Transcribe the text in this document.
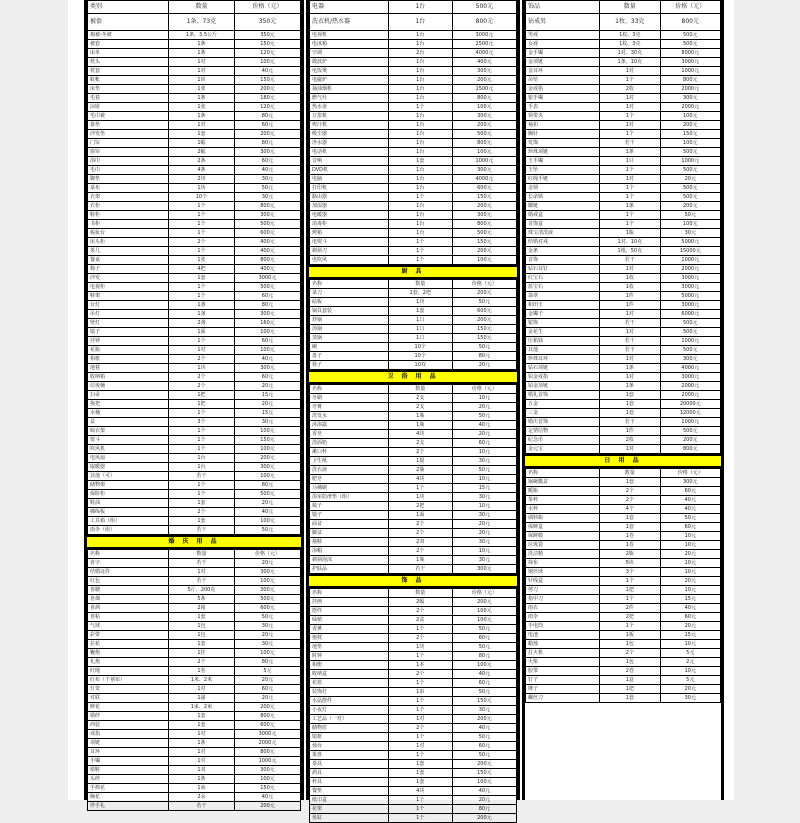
类别	数量	价格（元）
被套	1条、73克	350元
棉被-冬被	1条、3.5公斤	350元
被套	1条	150元
床单	1条	120元
枕头	1对	100元
枕套	1对	40元
蚊帐	1顶	150元
床垫	1张	200元
毛毯	1条	180元
凉席	1张	120元
毛巾被	1条	80元
靠垫	1对	60元
沙发垫	1套	200元
门帘	1幅	80元
窗帘	2幅	300元
浴巾	2条	60元
毛巾	4条	40元
脚垫	2块	30元
桌布	1块	50元
衣架	10个	30元
衣柜	1个	800元
鞋柜	1个	300元
书柜	1个	500元
梳妆台	1个	600元
床头柜	2个	400元
茶几	1个	400元
餐桌	1张	800元
椅子	4把	400元
沙发	1套	3000元
电视柜	1个	500元
鞋架	1个	60元
台灯	1盏	80元
吊灯	1盏	300元
壁灯	2盏	160元
镜子	1面	100元
挂钟	1个	60元
花瓶	1对	100元
相框	2个	40元
地毯	1块	300元
收纳箱	2个	60元
垃圾桶	2个	20元
扫帚	1把	15元
拖把	1把	20元
水桶	1个	15元
盆	3个	30元
晾衣架	1个	100元
熨斗	1个	150元
吹风机	1个	100元
电风扇	1台	200元
取暖器	1台	300元
其他（可）	若干	100元
储物架	1个	80元
保险柜	1个	500元
鞋油	1套	20元
插线板	2个	40元
工具箱（组）	1套	100元
雨伞（组）	若干	50元
婚 庆 用 品
名称	数量	价格（元）
喜字	若干	20元
结婚证件	1对	300元
红包	若干	100元
喜糖	5斤、200克	300元
喜烟	5条	500元
喜酒	2箱	600元
喜帖	1套	50元
气球	1包	30元
彩带	1包	20元
拉花	1套	30元
鞭炮	1挂	100元
礼炮	2个	80元
红绳	1卷	5元
红布（千禧布）	1米、2米	20元
灯笼	1对	60元
对联	1副	20元
鲜花	1束、2束	200元
婚纱	1套	800元
西装	1套	600元
戒指	1对	3000元
项链	1条	2000元
耳环	1对	800元
手镯	1对	1000元
婚鞋	1双	300元
头纱	1条	100元
手捧花	1束	150元
胸花	2朵	40元
伴手礼	若干	200元
电器	1台	500元
洗衣机/热水器	1台	800元
电视机	1台	3000元
电冰箱	1台	2500元
空调	2台	4000元
微波炉	1台	400元
电饭煲	1台	300元
电磁炉	1台	200元
抽油烟机	1台	1500元
燃气灶	1台	800元
热水壶	1个	100元
豆浆机	1台	300元
榨汁机	1台	200元
吸尘器	1台	500元
净水器	1台	800元
电话机	1台	100元
音响	1套	1000元
DVD机	1台	300元
电脑	1台	4000元
打印机	1台	600元
路由器	1个	150元
加湿器	1台	200元
电暖器	1台	300元
消毒柜	1台	800元
烤箱	1台	500元
电熨斗	1个	150元
剃须刀	1个	200元
电吹风	1个	100元
厨 具
名称	数量	价格（元）
菜刀	1套、2把	200元
砧板	1块	50元
锅具套装	1套	600元
炒锅	1口	200元
汤锅	1口	150元
蒸锅	1口	150元
碗	10个	50元
盘子	10个	80元
筷子	10双	20元
卫 浴 用 品
名称	数量	价格（元）
牙刷	2支	10元
牙膏	2支	20元
洗发水	1瓶	50元
沐浴露	1瓶	40元
香皂	4块	20元
洗面奶	2支	60元
漱口杯	2个	10元
卫生纸	1提	30元
洗衣液	2瓶	50元
肥皂	4块	10元
马桶刷	1个	15元
浴室防滑垫（组）	1块	30元
梳子	2把	10元
镜子	1面	30元
面盆	2个	20元
脚盆	2个	20元
拖鞋	2双	30元
浴帽	2个	10元
剃须泡沫	1瓶	30元
护肤品	若干	300元
饰 品
名称	数量	价格（元）
挂画	2幅	200元
摆件	2个	100元
绿植	2盆	100元
香薰	1个	50元
抱枕	2个	60元
地垫	1块	50元
时钟	1个	80元
相册	1本	100元
收纳盒	2个	40元
花篮	1个	60元
装饰灯	1串	50元
水晶摆件	1个	150元
小夜灯	1个	30元
工艺品（一对）	1对	200元
储物筐	2个	40元
镜框	1个	50元
烛台	1对	60元
果盘	1个	50元
茶具	1套	200元
酒具	1套	150元
杯具	1套	100元
餐垫	4块	40元
纸巾盒	1个	20元
花架	1个	80元
鱼缸	1个	200元
饰品	数量	价格（元）
钻戒男	1枚、33克	800元
男戒	1枚、3克	500元
女戒	1枚、3克	500元
金手镯	1对、30克	8000元
金项链	1条、10克	3000元
金耳环	1对	1000元
吊坠	1个	800元
金戒指	2枚	2000元
银手镯	1对	300元
手表	1对	2000元
领带夹	1个	100元
袖扣	1对	200元
胸针	1个	150元
发饰	若干	100元
珍珠项链	1条	500元
玉手镯	1只	1000元
玉坠	1个	500元
红绳手链	1对	20元
金锁	1个	500元
长命锁	1个	500元
脚链	1条	200元
婚戒盒	1个	50元
首饰盒	1个	100元
珠宝清洗液	1瓶	30元
结婚对戒	1对、10克	5000元
金条	1根、50克	15000元
首饰	若干	1000元
钻石耳钉	1对	2000元
红宝石	1枚	3000元
蓝宝石	1枚	3000元
翡翠	1件	5000元
和田玉	1件	3000元
金镯子	1对	6000元
银饰	若干	500元
金花生	1对	500元
压箱钱	若干	1000元
其他	若干	500元
珍珠耳环	1对	300元
钻石项链	1条	4000元
铂金戒指	1对	3000元
铂金项链	1条	2000元
婚礼首饰	1套	2000元
五金	1套	20000元
三金	1套	12000元
婚庆首饰	若干	1000元
定情信物	1件	500元
纪念币	2枚	200元
金元宝	1对	800元
日 用 品
名称	数量	价格（元）
锅碗瓢盆	1套	300元
暖瓶	2个	60元
茶杯	2个	40元
水杯	4个	40元
调料瓶	1套	50元
保鲜盒	1套	60元
保鲜膜	1卷	10元
垃圾袋	1卷	10元
洗洁精	2瓶	20元
抹布	5块	10元
钢丝球	3个	10元
针线盒	1个	20元
剪刀	1把	10元
指甲刀	1个	15元
雨衣	2件	40元
雨伞	2把	60元
手电筒	1个	20元
电池	1板	15元
蜡烛	1包	10元
打火机	2个	5元
火柴	1包	2元
胶带	2卷	10元
钉子	1盒	5元
锤子	1把	20元
螺丝刀	1套	30元
